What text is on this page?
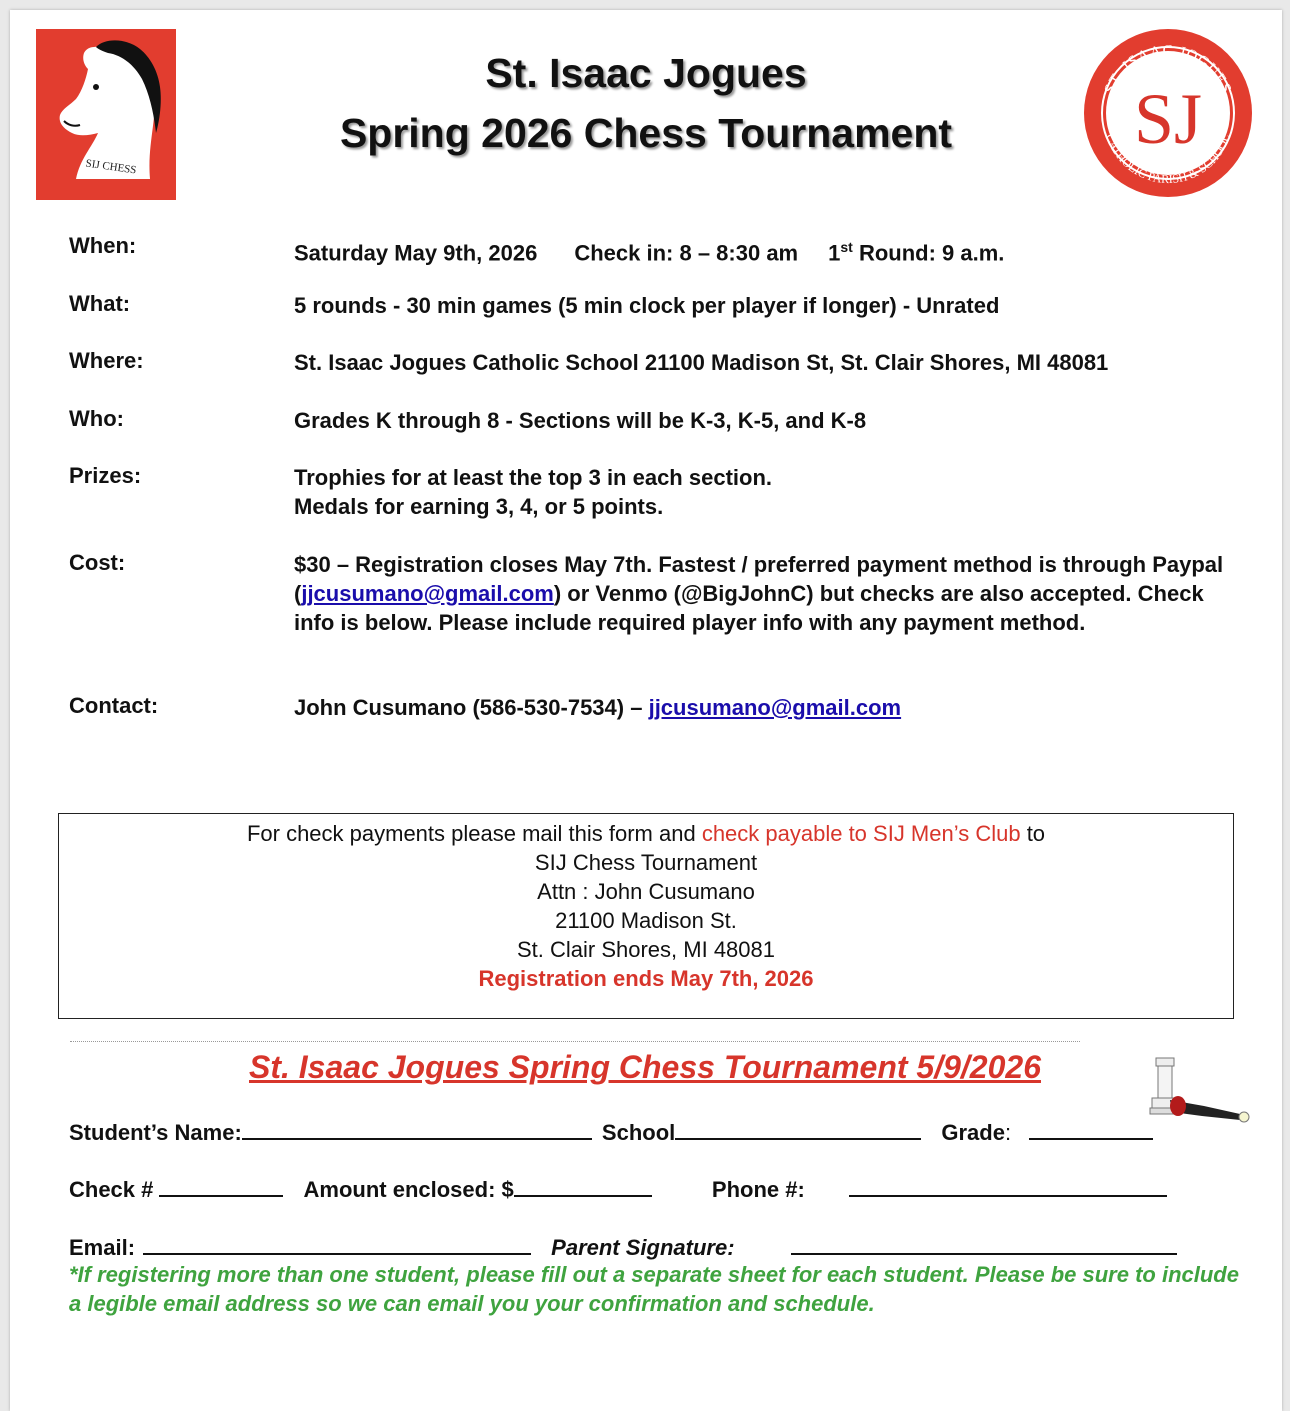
SIJ CHESS
ST. ISAAC JOGUES
CATHOLIC PARISH & SCHOOL
SJ
St. Isaac Jogues
Spring 2026 Chess Tournament
When:	Saturday May 9th, 2026 Check in: 8 – 8:30 am 1st Round: 9 a.m.
What:	5 rounds - 30 min games (5 min clock per player if longer) - Unrated
Where:	St. Isaac Jogues Catholic School 21100 Madison St, St. Clair Shores, MI 48081
Who:	Grades K through 8 - Sections will be K-3, K-5, and K-8
Prizes:	Trophies for at least the top 3 in each section.
Medals for earning 3, 4, or 5 points.
Cost:	$30 – Registration closes May 7th. Fastest / preferred payment method is through Paypal (jjcusumano@gmail.com) or Venmo (@BigJohnC) but checks are also accepted. Check info is below. Please include required player info with any payment method.
Contact:	John Cusumano (586-530-7534) – jjcusumano@gmail.com
For check payments please mail this form and check payable to SIJ Men’s Club to
SIJ Chess Tournament
Attn : John Cusumano
21100 Madison St.
St. Clair Shores, MI 48081
Registration ends May 7th, 2026
St. Isaac Jogues Spring Chess Tournament 5/9/2026
Student’s Name:	School	Grade:
Check #	Amount enclosed: $	Phone #:
Email:	Parent Signature:
*If registering more than one student, please fill out a separate sheet for each student. Please be sure to include a legible email address so we can email you your confirmation and schedule.
